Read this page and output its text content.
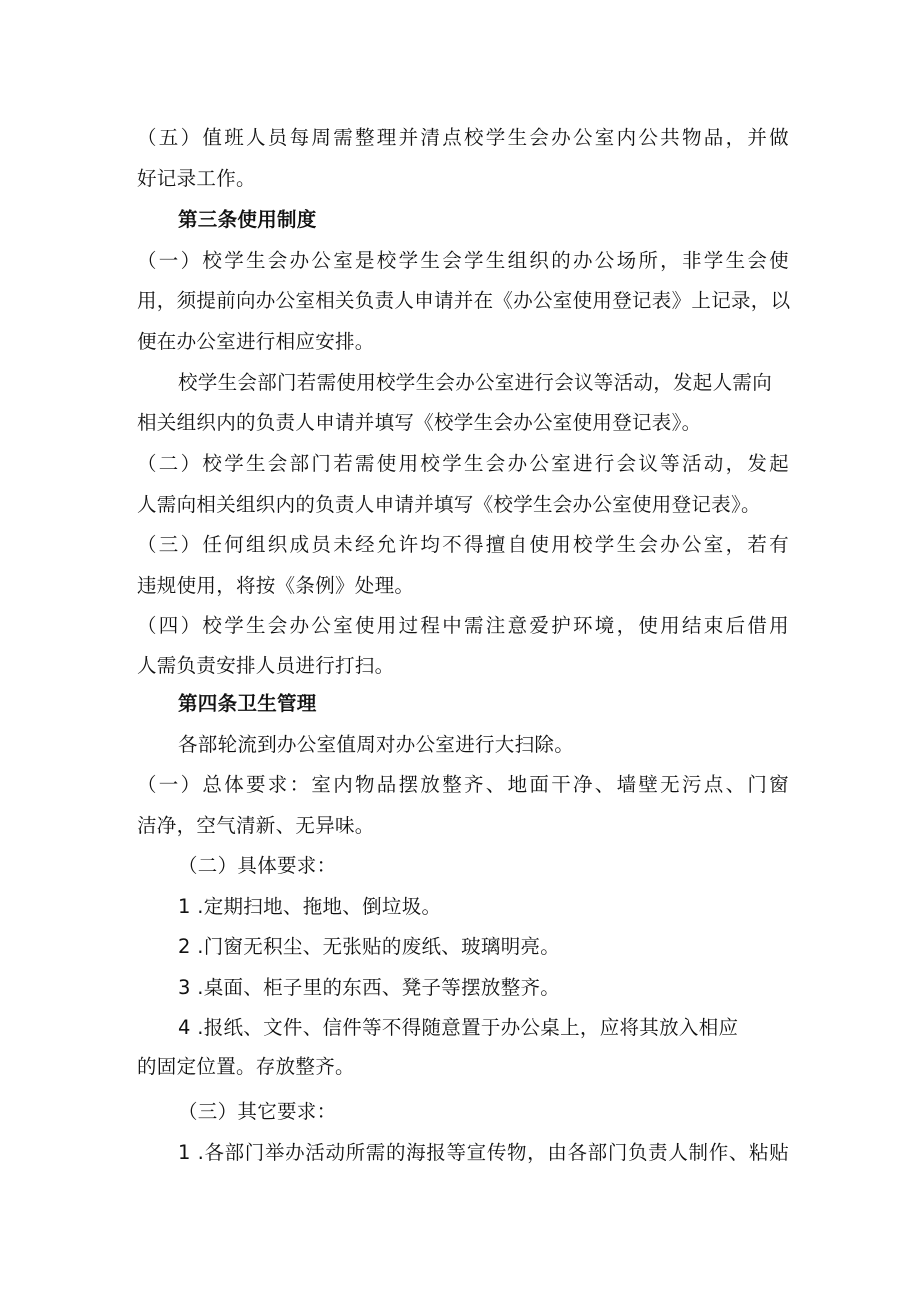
（五）值班人员每周需整理并清点校学生会办公室内公共物品，并做

好记录工作。

第三条使用制度

（一）校学生会办公室是校学生会学生组织的办公场所，非学生会使

用，须提前向办公室相关负责人申请并在《办公室使用登记表》上记录，以

便在办公室进行相应安排。

校学生会部门若需使用校学生会办公室进行会议等活动，发起人需向

相关组织内的负责人申请并填写《校学生会办公室使用登记表》。

（二）校学生会部门若需使用校学生会办公室进行会议等活动，发起

人需向相关组织内的负责人申请并填写《校学生会办公室使用登记表》。

（三）任何组织成员未经允许均不得擅自使用校学生会办公室，若有

违规使用，将按《条例》处理。

（四）校学生会办公室使用过程中需注意爱护环境，使用结束后借用

人需负责安排人员进行打扫。

第四条卫生管理

各部轮流到办公室值周对办公室进行大扫除。

（一）总体要求：室内物品摆放整齐、地面干净、墙壁无污点、门窗

洁净，空气清新、无异味。

（二）具体要求：

1 .定期扫地、拖地、倒垃圾。

2 .门窗无积尘、无张贴的废纸、玻璃明亮。

3 .桌面、柜子里的东西、凳子等摆放整齐。

4 .报纸、文件、信件等不得随意置于办公桌上，应将其放入相应

的固定位置。存放整齐。

（三）其它要求：

1 .各部门举办活动所需的海报等宣传物，由各部门负责人制作、粘贴
